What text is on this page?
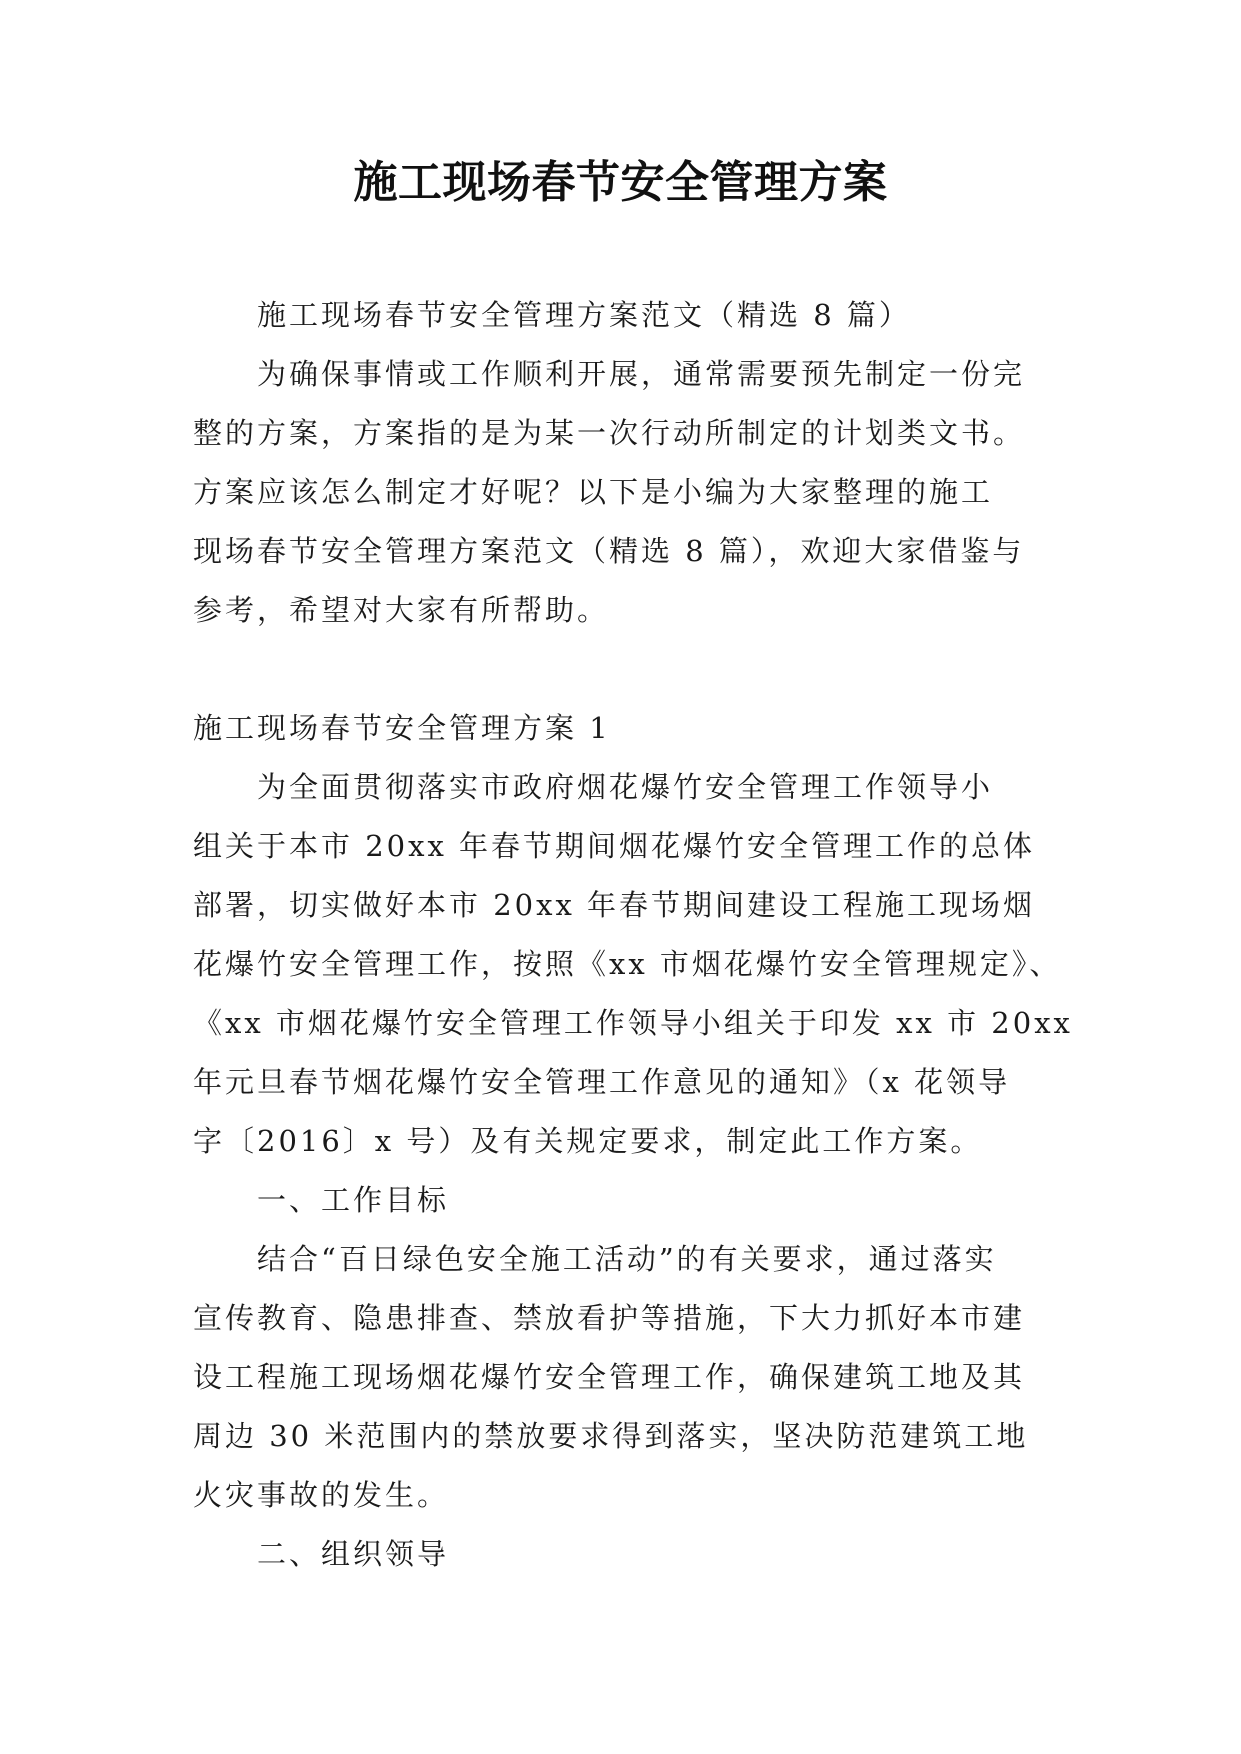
施工现场春节安全管理方案

施工现场春节安全管理方案范文（精选 8 篇）

为确保事情或工作顺利开展，通常需要预先制定一份完
整的方案，方案指的是为某一次行动所制定的计划类文书。
方案应该怎么制定才好呢？以下是小编为大家整理的施工
现场春节安全管理方案范文（精选 8 篇），欢迎大家借鉴与
参考，希望对大家有所帮助。

施工现场春节安全管理方案 1

为全面贯彻落实市政府烟花爆竹安全管理工作领导小
组关于本市 20xx 年春节期间烟花爆竹安全管理工作的总体
部署，切实做好本市 20xx 年春节期间建设工程施工现场烟
花爆竹安全管理工作，按照《xx 市烟花爆竹安全管理规定》、
《xx 市烟花爆竹安全管理工作领导小组关于印发 xx 市 20xx
年元旦春节烟花爆竹安全管理工作意见的通知》（x 花领导
字〔2016〕x 号）及有关规定要求，制定此工作方案。

一、工作目标

结合“百日绿色安全施工活动”的有关要求，通过落实
宣传教育、隐患排查、禁放看护等措施，下大力抓好本市建
设工程施工现场烟花爆竹安全管理工作，确保建筑工地及其
周边 30 米范围内的禁放要求得到落实，坚决防范建筑工地
火灾事故的发生。

二、组织领导
